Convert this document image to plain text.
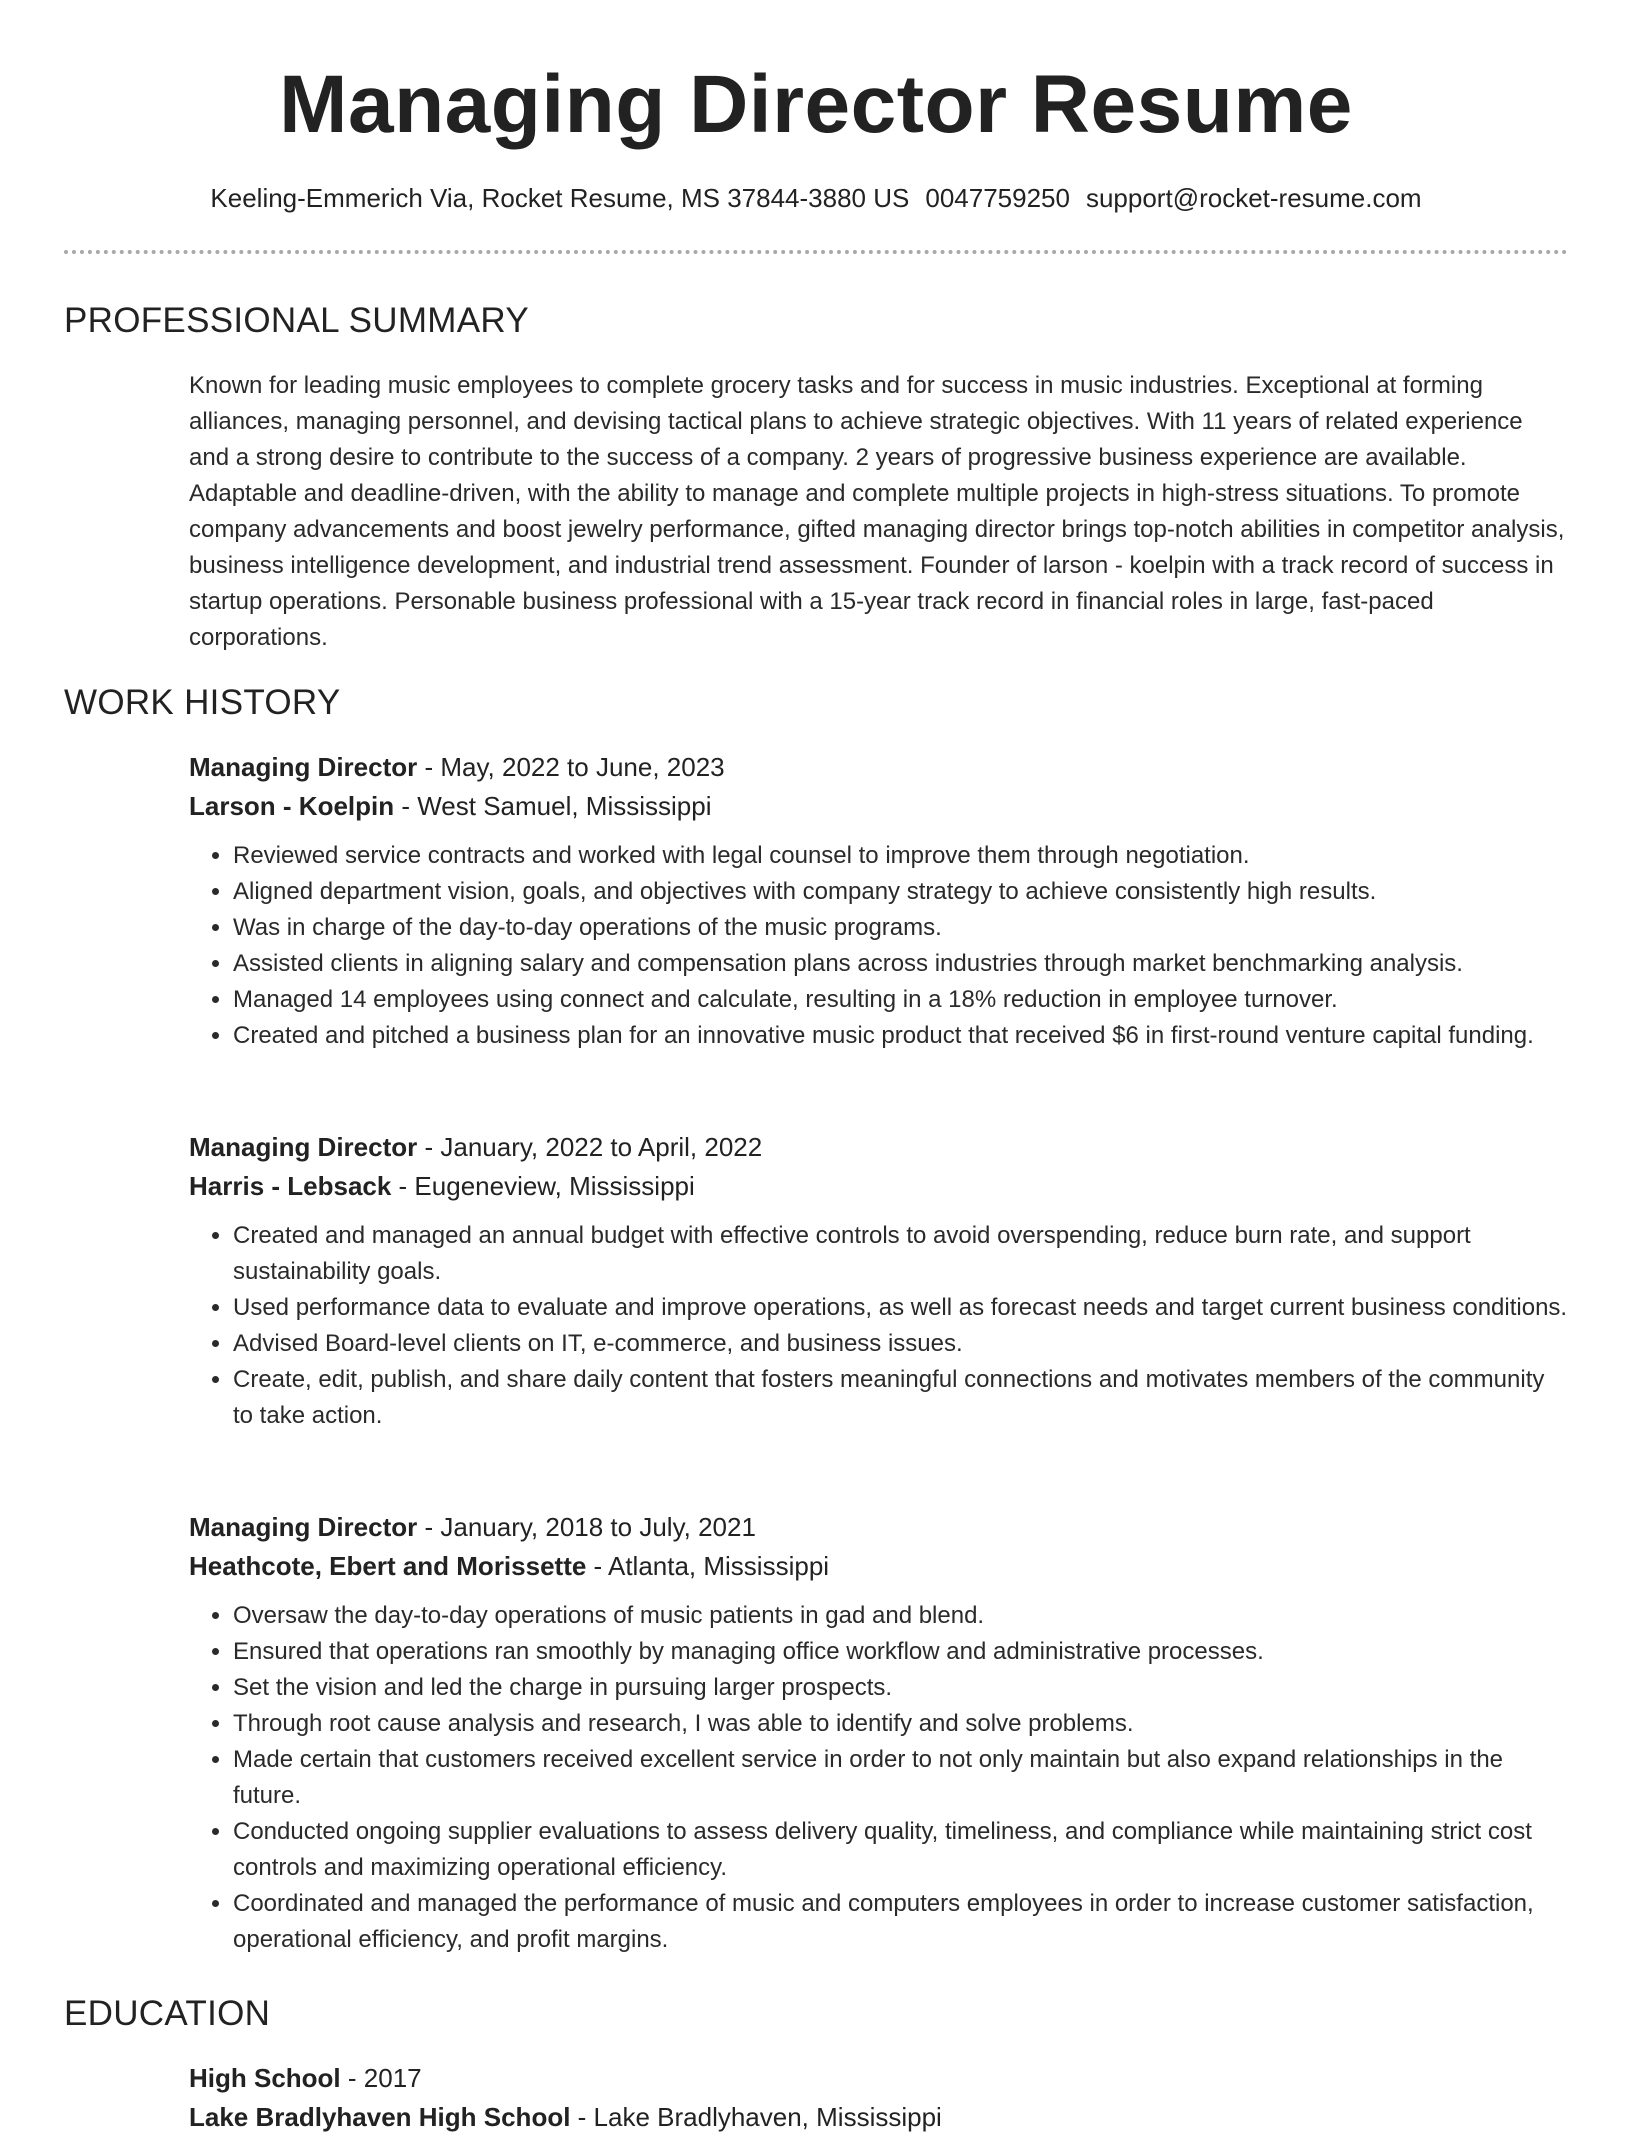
Managing Director Resume
Keeling-Emmerich Via, Rocket Resume, MS 37844-3880 US 0047759250 support@rocket-resume.com
PROFESSIONAL SUMMARY

Known for leading music employees to complete grocery tasks and for success in music industries. Exceptional at forming alliances, managing personnel, and devising tactical plans to achieve strategic objectives. With 11 years of related experience and a strong desire to contribute to the success of a company. 2 years of progressive business experience are available. Adaptable and deadline-driven, with the ability to manage and complete multiple projects in high-stress situations. To promote company advancements and boost jewelry performance, gifted managing director brings top-notch abilities in competitor analysis, business intelligence development, and industrial trend assessment. Founder of larson - koelpin with a track record of success in startup operations. Personable business professional with a 15-year track record in financial roles in large, fast-paced corporations.

WORK HISTORY
Managing Director - May, 2022 to June, 2023
Larson - Koelpin - West Samuel, Mississippi
• Reviewed service contracts and worked with legal counsel to improve them through negotiation.
• Aligned department vision, goals, and objectives with company strategy to achieve consistently high results.
• Was in charge of the day-to-day operations of the music programs.
• Assisted clients in aligning salary and compensation plans across industries through market benchmarking analysis.
• Managed 14 employees using connect and calculate, resulting in a 18% reduction in employee turnover.
• Created and pitched a business plan for an innovative music product that received $6 in first-round venture capital funding.
Managing Director - January, 2022 to April, 2022
Harris - Lebsack - Eugeneview, Mississippi
• Created and managed an annual budget with effective controls to avoid overspending, reduce burn rate, and support sustainability goals.
• Used performance data to evaluate and improve operations, as well as forecast needs and target current business conditions.
• Advised Board-level clients on IT, e-commerce, and business issues.
• Create, edit, publish, and share daily content that fosters meaningful connections and motivates members of the community to take action.
Managing Director - January, 2018 to July, 2021
Heathcote, Ebert and Morissette - Atlanta, Mississippi
• Oversaw the day-to-day operations of music patients in gad and blend.
• Ensured that operations ran smoothly by managing office workflow and administrative processes.
• Set the vision and led the charge in pursuing larger prospects.
• Through root cause analysis and research, I was able to identify and solve problems.
• Made certain that customers received excellent service in order to not only maintain but also expand relationships in the future.
• Conducted ongoing supplier evaluations to assess delivery quality, timeliness, and compliance while maintaining strict cost controls and maximizing operational efficiency.
• Coordinated and managed the performance of music and computers employees in order to increase customer satisfaction, operational efficiency, and profit margins.
EDUCATION
High School - 2017
Lake Bradlyhaven High School - Lake Bradlyhaven, Mississippi
